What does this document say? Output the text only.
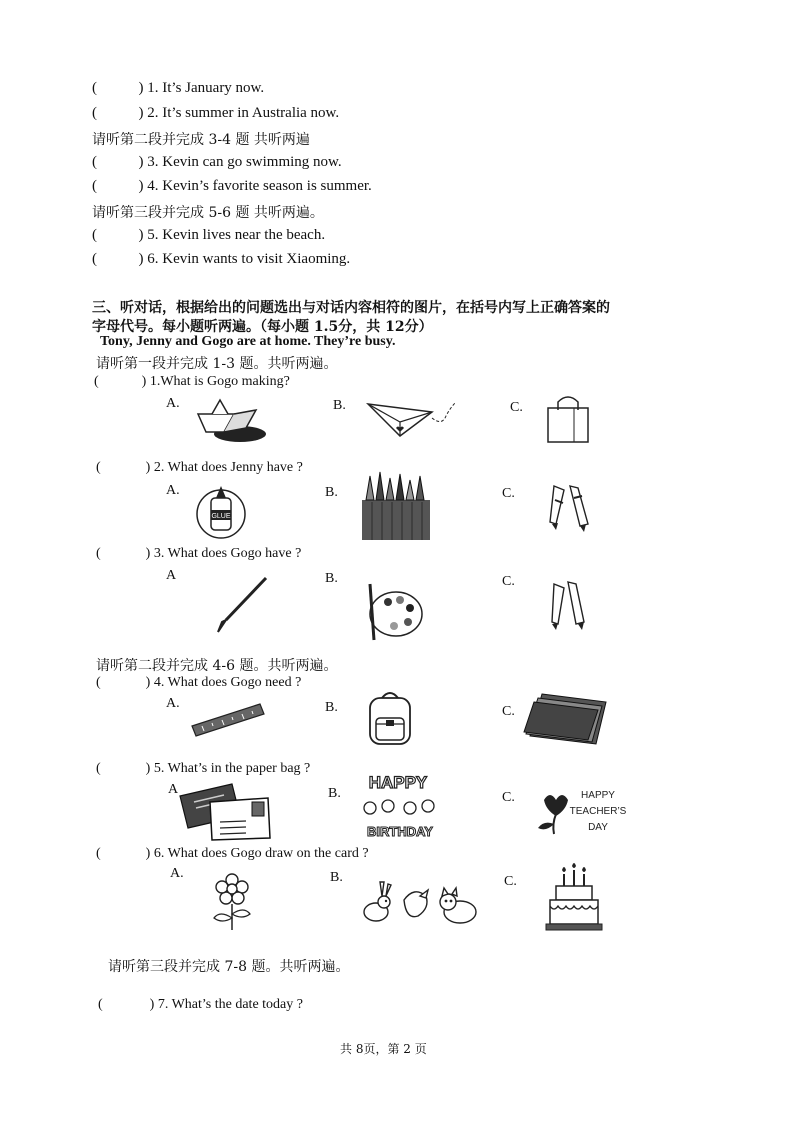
(	) 1. It’s January now.
(	) 2. It’s summer in Australia now.
请听第二段并完成 3-4 题 共听两遍
(	) 3. Kevin can go swimming now.
(	) 4. Kevin’s favorite season is summer.
请听第三段并完成 5-6 题 共听两遍。
(	) 5. Kevin lives near the beach.
(	) 6. Kevin wants to visit Xiaoming.
三、听对话，根据给出的问题选出与对话内容相符的图片，在括号内写上正确答案的
字母代号。每小题听两遍。（每小题 1.5分，共 12分）
Tony, Jenny and Gogo are at home. They’re busy.
请听第一段并完成 1-3 题。共听两遍。
(	) 1.What is Gogo making?
A.	B.	C.
(	) 2. What does Jenny have ?
A.	B.	C.
GLUE
(	) 3. What does Gogo have ?
A	B.	C.
请听第二段并完成 4-6 题。共听两遍。
(	) 4. What does Gogo need ?
A.	B.	C.
(	) 5. What’s in the paper bag ?
A	B.	C.
HAPPY
BIRTHDAY
HAPPY
TEACHER’S
DAY
(	) 6. What does Gogo draw on the card ?
A.	B.	C.
请听第三段并完成 7-8 题。共听两遍。
(	) 7. What’s the date today ?
共 8页，第 2 页
